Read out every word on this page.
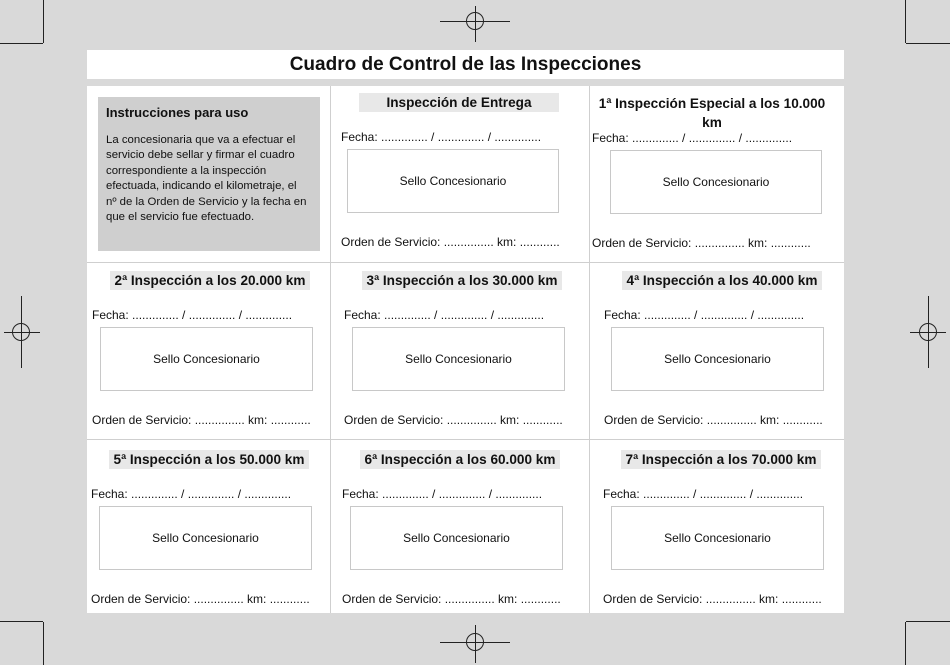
Cuadro de Control de las Inspecciones
Instrucciones para uso
La concesionaria que va a efectuar el
servicio debe sellar y firmar el cuadro
correspondiente a la inspección
efectuada, indicando el kilometraje, el
nº de la Orden de Servicio y la fecha en
que el servicio fue efectuado.
Inspección de Entrega
Fecha: .............. / .............. / ..............
Sello Concesionario
Orden de Servicio: ............... km: ............
1ª Inspección Especial a los 10.000 km
Fecha: .............. / .............. / ..............
Sello Concesionario
Orden de Servicio: ............... km: ............
2ª Inspección a los 20.000 km
Fecha: .............. / .............. / ..............
Sello Concesionario
Orden de Servicio: ............... km: ............
3ª Inspección a los 30.000 km
Fecha: .............. / .............. / ..............
Sello Concesionario
Orden de Servicio: ............... km: ............
4ª Inspección a los 40.000 km
Fecha: .............. / .............. / ..............
Sello Concesionario
Orden de Servicio: ............... km: ............
5ª Inspección a los 50.000 km
Fecha: .............. / .............. / ..............
Sello Concesionario
Orden de Servicio: ............... km: ............
6ª Inspección a los 60.000 km
Fecha: .............. / .............. / ..............
Sello Concesionario
Orden de Servicio: ............... km: ............
7ª Inspección a los 70.000 km
Fecha: .............. / .............. / ..............
Sello Concesionario
Orden de Servicio: ............... km: ............
